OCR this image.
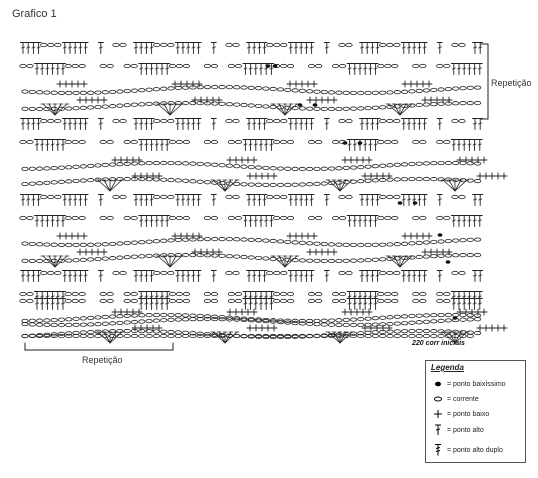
Grafico 1
Repetição
Repetição
220 corr iniciais
Legenda
= ponto baixíssimo
= corrente
= ponto baixo
= ponto alto
= ponto alto duplo
